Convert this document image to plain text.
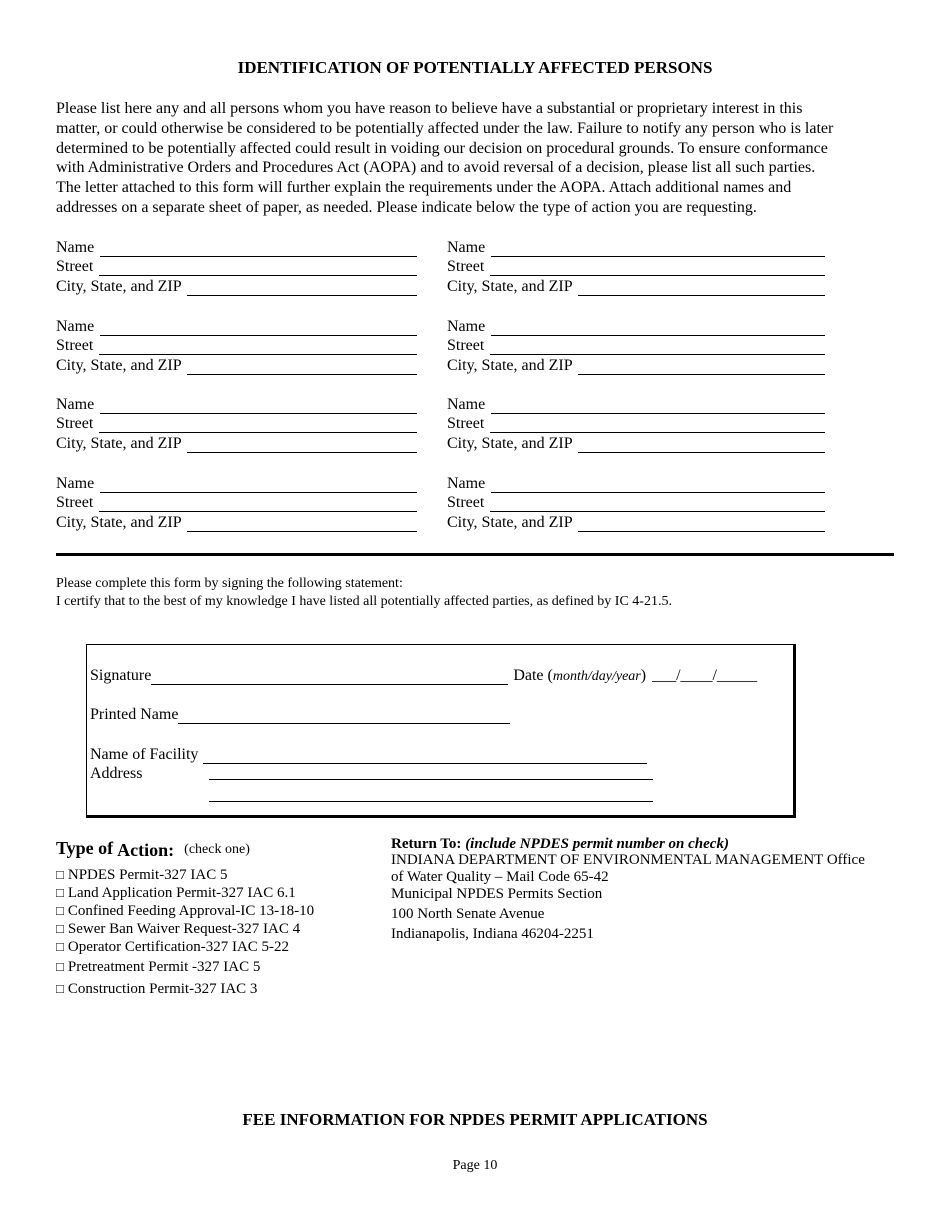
IDENTIFICATION OF POTENTIALLY AFFECTED PERSONS
Please list here any and all persons whom you have reason to believe have a substantial or proprietary interest in this
matter, or could otherwise be considered to be potentially affected under the law. Failure to notify any person who is later
determined to be potentially affected could result in voiding our decision on procedural grounds. To ensure conformance
with Administrative Orders and Procedures Act (AOPA) and to avoid reversal of a decision, please list all such parties.
The letter attached to this form will further explain the requirements under the AOPA. Attach additional names and
addresses on a separate sheet of paper, as needed. Please indicate below the type of action you are requesting.
Name
Street
City, State, and ZIP
Name
Street
City, State, and ZIP
Name
Street
City, State, and ZIP
Name
Street
City, State, and ZIP
Name
Street
City, State, and ZIP
Name
Street
City, State, and ZIP
Name
Street
City, State, and ZIP
Name
Street
City, State, and ZIP
Please complete this form by signing the following statement:
I certify that to the best of my knowledge I have listed all potentially affected parties, as defined by IC 4-21.5.
Signature	Date ( month/day/year ) ___/____/_____
Printed Name
Name of Facility
Address
Type of Action: (check one)
□ NPDES Permit-327 IAC 5
□ Land Application Permit-327 IAC 6.1
□ Confined Feeding Approval-IC 13-18-10
□ Sewer Ban Waiver Request-327 IAC 4
□ Operator Certification-327 IAC 5-22
□ Pretreatment Permit -327 IAC 5
□ Construction Permit-327 IAC 3
Return To: (include NPDES permit number on check)
INDIANA DEPARTMENT OF ENVIRONMENTAL MANAGEMENT Office
of Water Quality – Mail Code 65-42
Municipal NPDES Permits Section
100 North Senate Avenue
Indianapolis, Indiana 46204-2251
FEE INFORMATION FOR NPDES PERMIT APPLICATIONS
Page 10
